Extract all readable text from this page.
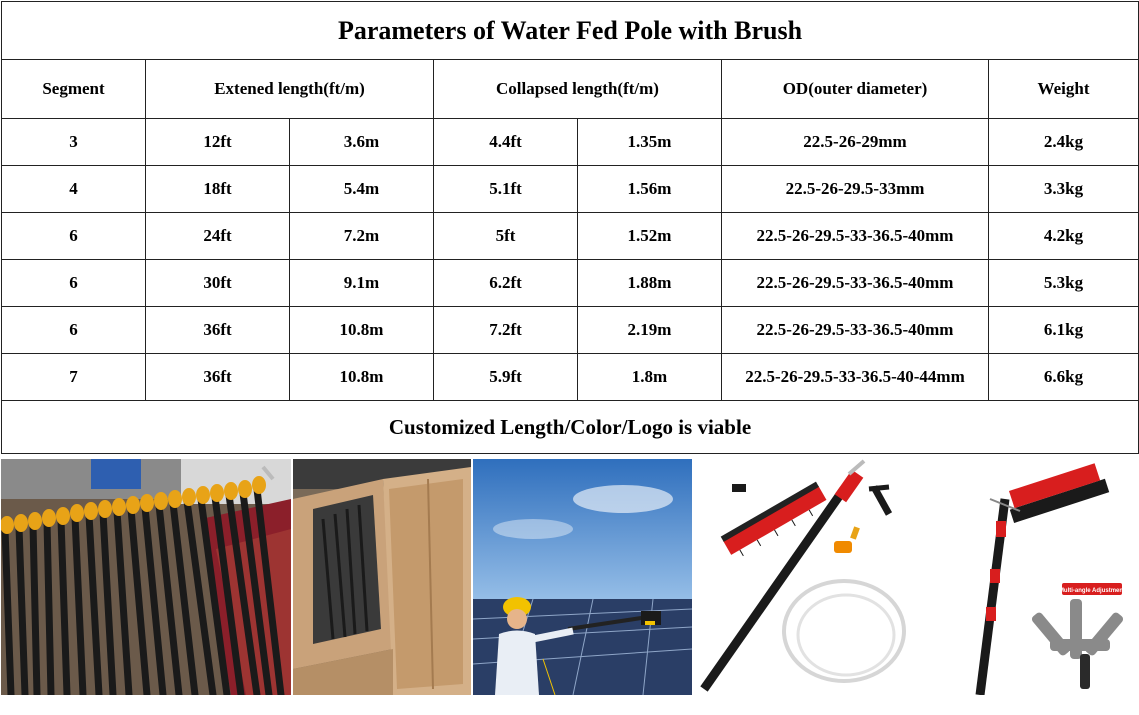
Parameters of Water Fed Pole with Brush						
Segment	Extened length(ft/m)		Collapsed length(ft/m)		OD(outer diameter)	Weight
3	12ft	3.6m	4.4ft	1.35m	22.5-26-29mm	2.4kg
4	18ft	5.4m	5.1ft	1.56m	22.5-26-29.5-33mm	3.3kg
6	24ft	7.2m	5ft	1.52m	22.5-26-29.5-33-36.5-40mm	4.2kg
6	30ft	9.1m	6.2ft	1.88m	22.5-26-29.5-33-36.5-40mm	5.3kg
6	36ft	10.8m	7.2ft	2.19m	22.5-26-29.5-33-36.5-40mm	6.1kg
7	36ft	10.8m	5.9ft	1.8m	22.5-26-29.5-33-36.5-40-44mm	6.6kg
Customized Length/Color/Logo is viable						
Multi-angle Adjustment
